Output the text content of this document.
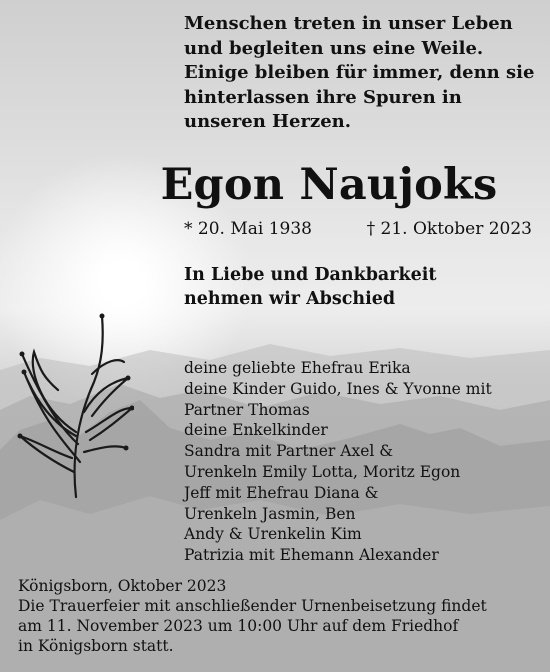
Menschen treten in unser Leben
und begleiten uns eine Weile.
Einige bleiben für immer, denn sie
hinterlassen ihre Spuren in
unseren Herzen.
Egon Naujoks
* 20. Mai 1938	† 21. Oktober 2023
In Liebe und Dankbarkeit
nehmen wir Abschied
deine geliebte Ehefrau Erika
deine Kinder Guido, Ines & Yvonne mit
Partner Thomas
deine Enkelkinder
Sandra mit Partner Axel &
Urenkeln Emily Lotta, Moritz Egon
Jeff mit Ehefrau Diana &
Urenkeln Jasmin, Ben
Andy & Urenkelin Kim
Patrizia mit Ehemann Alexander
Königsborn, Oktober 2023
Die Trauerfeier mit anschließender Urnenbeisetzung findet
am 11. November 2023 um 10:00 Uhr auf dem Friedhof
in Königsborn statt.
